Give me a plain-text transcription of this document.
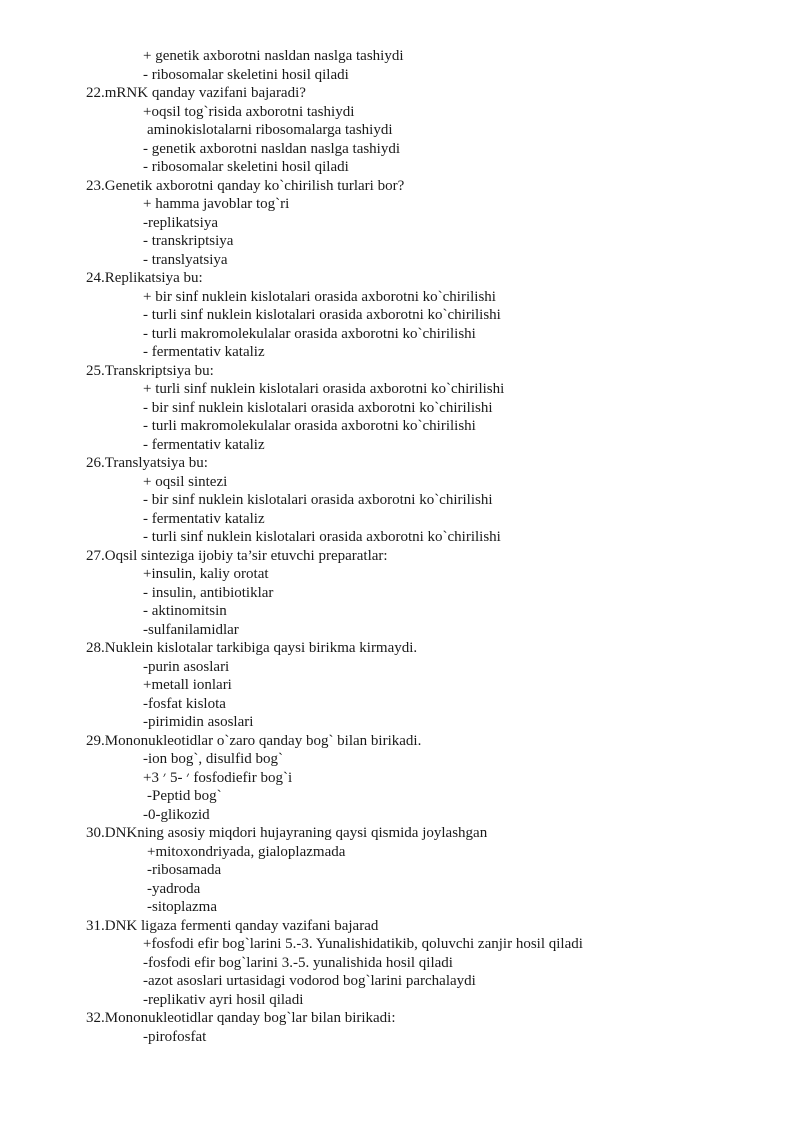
+ genetik axborotni nasldan naslga tashiydi
- ribosomalar skeletini hosil qiladi
22.mRNK qanday vazifani bajaradi?
+oqsil tog`risida axborotni tashiydi
aminokislotalarni ribosomalarga tashiydi
- genetik axborotni nasldan naslga tashiydi
- ribosomalar skeletini hosil qiladi
23.Genetik axborotni qanday ko`chirilish turlari bor?
+ hamma javoblar tog`ri
-replikatsiya
- transkriptsiya
- translyatsiya
24.Replikatsiya bu:
+ bir sinf nuklein kislotalari orasida axborotni ko`chirilishi
- turli sinf nuklein kislotalari orasida axborotni ko`chirilishi
- turli makromolekulalar orasida axborotni ko`chirilishi
- fermentativ kataliz
25.Transkriptsiya bu:
+ turli sinf nuklein kislotalari orasida axborotni ko`chirilishi
- bir sinf nuklein kislotalari orasida axborotni ko`chirilishi
- turli makromolekulalar orasida axborotni ko`chirilishi
- fermentativ kataliz
26.Translyatsiya bu:
+ oqsil sintezi
- bir sinf nuklein kislotalari orasida axborotni ko`chirilishi
- fermentativ kataliz
- turli sinf nuklein kislotalari orasida axborotni ko`chirilishi
27.Oqsil sinteziga ijobiy ta’sir etuvchi preparatlar:
+insulin, kaliy orotat
- insulin, antibiotiklar
- aktinomitsin
-sulfanilamidlar
28.Nuklein kislotalar tarkibiga qaysi birikma kirmaydi.
-purin asoslari
+metall ionlari
-fosfat kislota
-pirimidin asoslari
29.Mononukleotidlar o`zaro qanday bog` bilan birikadi.
-ion bog`, disulfid bog`
+3 ׳ -5 ׳ fosfodiefir bog`i
-Peptid bog`
-0-glikozid
30.DNKning asosiy miqdori hujayraning qaysi qismida joylashgan
+mitoxondriyada, gialoplazmada
-ribosamada
-yadroda
-sitoplazma
31.DNK ligaza fermenti qanday vazifani bajarad
+fosfodi efir bog`larini 5.-3. Yunalishidatikib, qoluvchi zanjir hosil qiladi
-fosfodi efir bog`larini 3.-5. yunalishida hosil qiladi
-azot asoslari urtasidagi vodorod bog`larini parchalaydi
-replikativ ayri hosil qiladi
32.Mononukleotidlar qanday bog`lar bilan birikadi:
-pirofosfat
